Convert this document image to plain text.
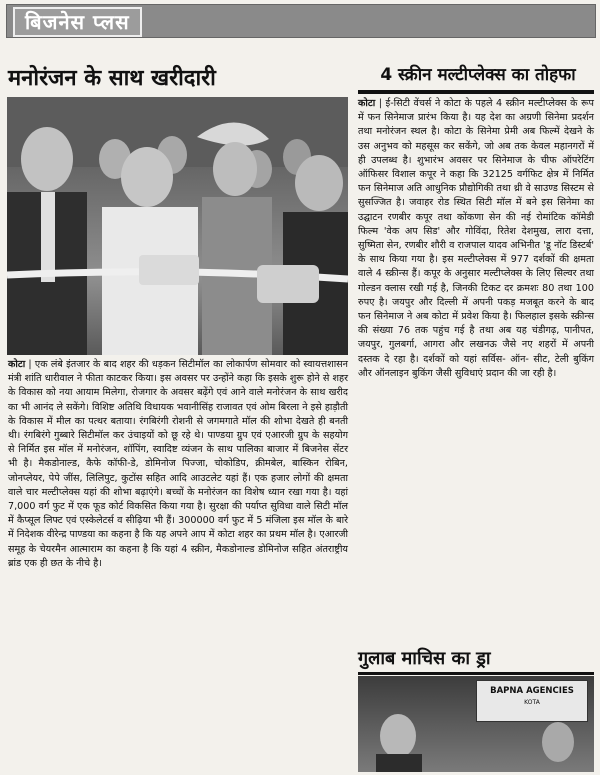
बिजनेस प्लस
मनोरंजन के साथ खरीदारी	4 स्क्रीन मल्टीप्लेक्स का तोहफा

कोटा | एक लंबे इंतजार के बाद शहर की धड़कन सिटीमॉल का लोकार्पण सोमवार को स्वायत्तशासन मंत्री शांति धारीवाल ने फीता काटकर किया। इस अवसर पर उन्होंने कहा कि इसके शुरू होने से शहर के विकास को नया आयाम मिलेगा, रोजगार के अवसर बढ़ेंगे एवं आने वाले मनोरंजन के साथ खरीद का भी आनंद ले सकेंगे। विशिष्ट अतिथि विधायक भवानीसिंह राजावत एवं ओम बिरला ने इसे हाड़ौती के विकास में मील का पत्थर बताया। रंगबिरंगी रोशनी से जगमगाते मॉल की शोभा देखते ही बनती थी। रंगबिरंगे गुब्बारे सिटीमॉल कर उंचाइयों को छू रहे थे। पाण्डया ग्रुप एवं एआरजी ग्रुप के सहयोग से निर्मित इस मॉल में मनोरंजन, शॉपिंग, स्वादिष्ट व्यंजन के साथ पालिका बाजार में बिजनेस सेंटर भी है। मैकडोनाल्ड, कैफे कॉफी-डे, डोमिनोज पिज्जा, चोकोडिप, क्रीमबेल, बास्किन रोबिन, जोनप्लेयर, पेपे जींस, लिलिपुट, कुटोंस सहित आदि आउटलेट यहां हैं। एक हजार लोगों की क्षमता वाले चार मल्टीप्लेक्स यहां की शोभा बढ़ाएंगे। बच्चों के मनोरंजन का विशेष ध्यान रखा गया है। यहां 7,000 वर्ग फुट में एक फूड कोर्ट विकसित किया गया है। सुरक्षा की पर्याप्त सुविधा वाले सिटी मॉल में कैप्सूल लिफ्ट एवं एस्केलेटर्स व सीढ़िया भी हैं। 300000 वर्ग फुट में 5 मंजिला इस मॉल के बारे में निदेशक वीरेन्द्र पाण्डया का कहना है कि यह अपने आप में कोटा शहर का प्रथम मॉल है। एआरजी समूह के चेयरमैन आत्माराम का कहना है कि यहां 4 स्क्रीन, मैकडोनाल्ड डोमिनोज सहित अंतराष्ट्रीय ब्रांड एक ही छत के नीचे है।

कोटा | ई-सिटी वेंचर्स ने कोटा के पहले 4 स्क्रीन मल्टीप्लेक्स के रूप में फन सिनेमाज प्रारंभ किया है। यह देश का अग्रणी सिनेमा प्रदर्शन तथा मनोरंजन स्थल है। कोटा के सिनेमा प्रेमी अब फिल्में देखने के उस अनुभव को महसूस कर सकेंगे, जो अब तक केवल महानगरों में ही उपलब्ध है। शुभारंभ अवसर पर सिनेमाज के चीफ ऑपरेटिंग ऑफिसर विशाल कपूर ने कहा कि 32125 वर्गफिट क्षेत्र में निर्मित फन सिनेमाज अति आधुनिक प्रौद्योगिकी तथा थ्री वे साउण्ड सिस्टम से सुसज्जित है। जवाहर रोड स्थित सिटी मॉल में बने इस सिनेमा का उद्घाटन रणबीर कपूर तथा कोंकणा सेन की नई रोमांटिक कॉमेडी फिल्म 'वेक अप सिड' और गोविंदा, रितेश देशमुख, लारा दत्ता, सुष्मिता सेन, रणबीर शौरी व राजपाल यादव अभिनीत 'डू नॉट डिस्टर्ब' के साथ किया गया है। इस मल्टीप्लेक्स में 977 दर्शकों की क्षमता वाले 4 स्क्रीन्स हैं। कपूर के अनुसार मल्टीप्लेक्स के लिए सिल्वर तथा गोल्डन क्लास रखी गई है, जिनकी टिकट दर क्रमशः 80 तथा 100 रुपए है। जयपुर और दिल्ली में अपनी पकड़ मजबूत करने के बाद फन सिनेमाज ने अब कोटा में प्रवेश किया है। फिलहाल इसके स्क्रीन्स की संख्या 76 तक पहुंच गई है तथा अब यह चंडीगढ़, पानीपत, जयपुर, गुलबर्गा, आगरा और लखनऊ जैसे नए शहरों में अपनी दस्तक दे रहा है। दर्शकों को यहां सर्विस- ऑन- सीट, टेली बुकिंग और ऑनलाइन बुकिंग जैसी सुविधाएं प्रदान की जा रही है।

गुलाब माचिस का ड्रा
BAPNA AGENCIES
KOTA
